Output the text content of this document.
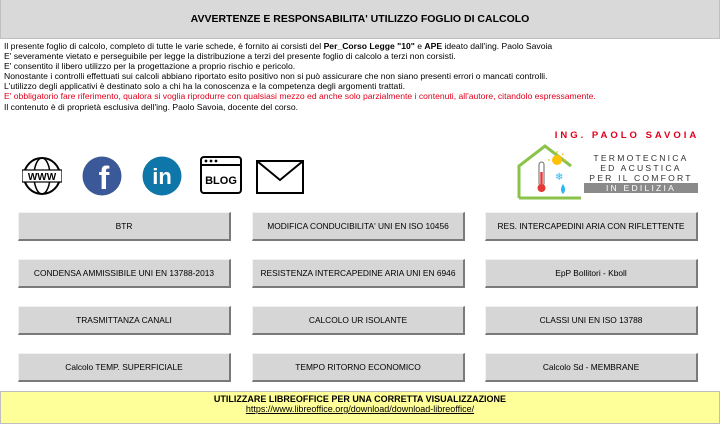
AVVERTENZE E RESPONSABILITA' UTILIZZO FOGLIO DI CALCOLO
Il presente foglio di calcolo, completo di tutte le varie schede, è fornito ai corsisti del Per_Corso Legge "10" e APE ideato dall'ing. Paolo Savoia
E' severamente vietato e perseguibile per legge la distribuzione a terzi del presente foglio di calcolo a terzi non corsisti.
E' consentito il libero utilizzo per la progettazione a proprio rischio e pericolo.
Nonostante i controlli effettuati sui calcoli abbiano riportato esito positivo non si può assicurare che non siano presenti errori o mancati controlli.
L'utilizzo degli applicativi è destinato solo a chi ha la conoscenza e la competenza degli argomenti trattati.
E' obbligatorio fare riferimento, qualora si voglia riprodurre con qualsiasi mezzo ed anche solo parzialmente i contenuti, all'autore, citandolo espressamente.
Il contenuto è di proprietà esclusiva dell'ing. Paolo Savoia, docente del corso.
WWW f in	BLOG
ING. PAOLO SAVOIA
❄
TERMOTECNICA
ED ACUSTICA
PER IL COMFORT
IN EDILIZIA
BTR	MODIFICA CONDUCIBILITA' UNI EN ISO 10456	RES. INTERCAPEDINI ARIA CON RIFLETTENTE
CONDENSA AMMISSIBILE UNI EN 13788-2013	RESISTENZA INTERCAPEDINE ARIA UNI EN 6946	EpP Bollitori - Kboll
TRASMITTANZA CANALI	CALCOLO UR ISOLANTE	CLASSI UNI EN ISO 13788
Calcolo TEMP. SUPERFICIALE	TEMPO RITORNO ECONOMICO	Calcolo Sd - MEMBRANE
UTILIZZARE LIBREOFFICE PER UNA CORRETTA VISUALIZZAZIONE
https://www.libreoffice.org/download/download-libreoffice/
